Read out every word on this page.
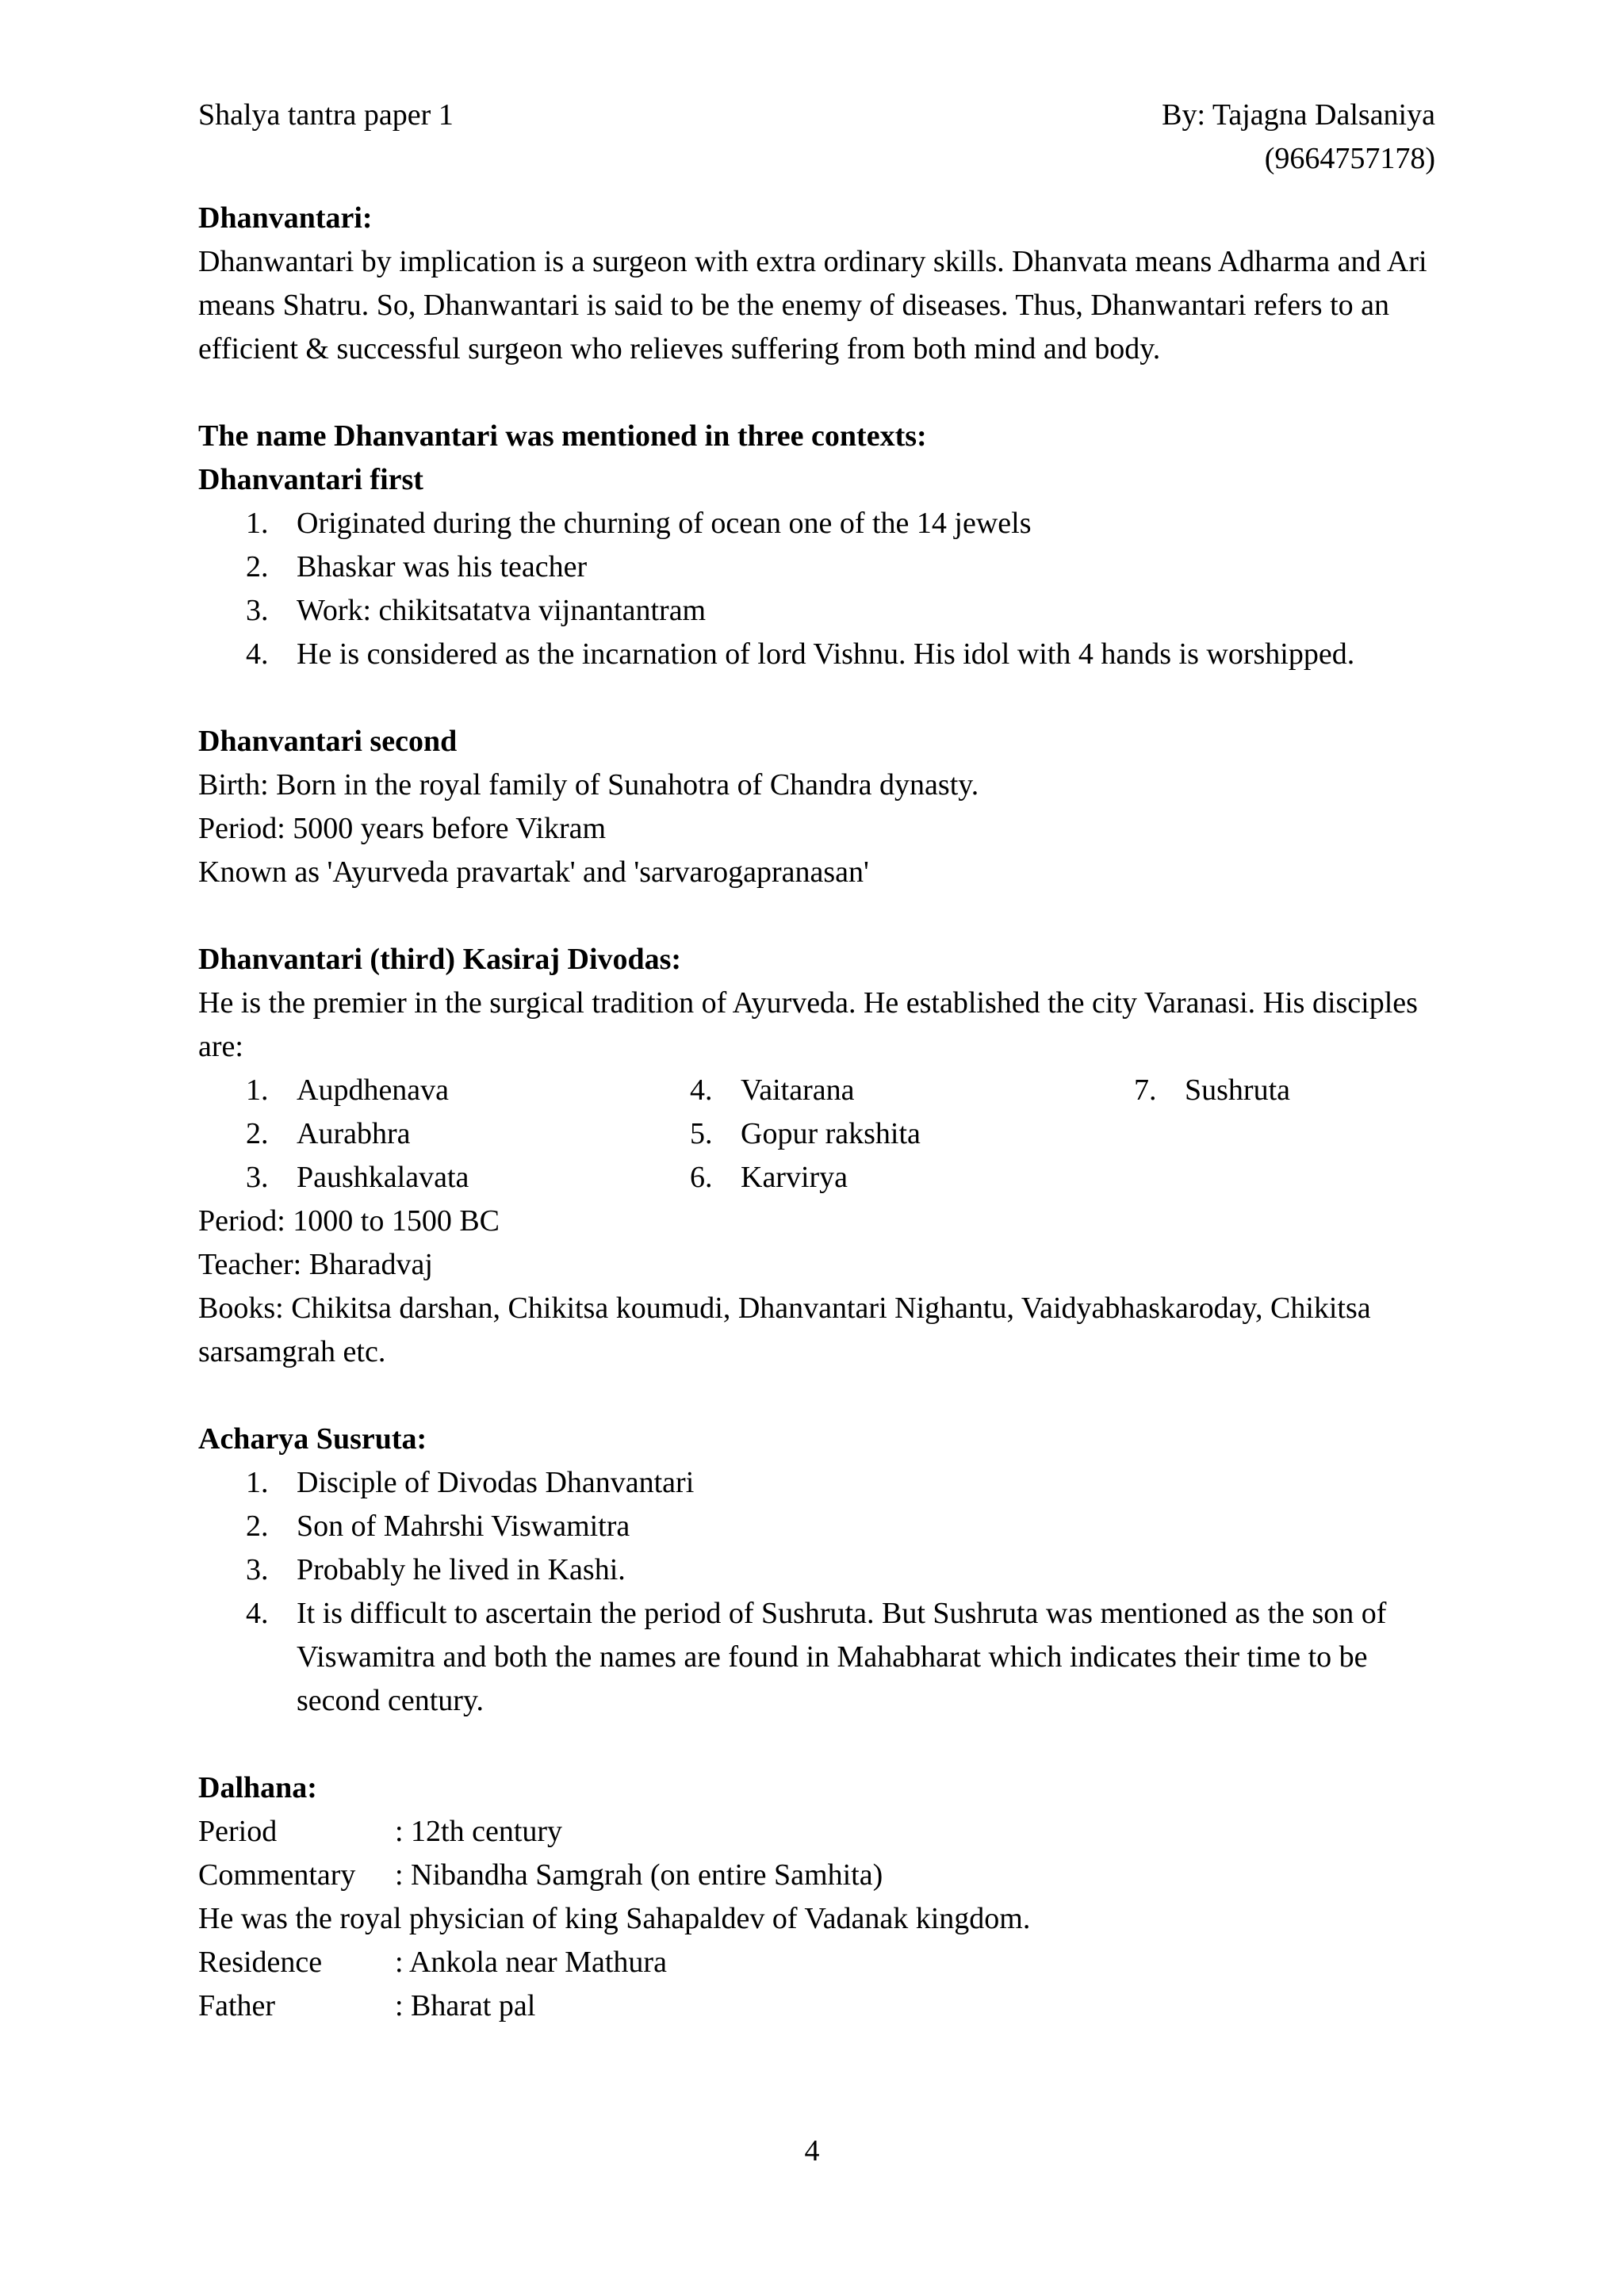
Shalya tantra paper 1	By: Tajagna Dalsaniya
(9664757178)

Dhanvantari:

Dhanwantari by implication is a surgeon with extra ordinary skills. Dhanvata means Adharma and Ari means Shatru. So, Dhanwantari is said to be the enemy of diseases. Thus, Dhanwantari refers to an efficient & successful surgeon who relieves suffering from both mind and body.

The name Dhanvantari was mentioned in three contexts:

Dhanvantari first

1. Originated during the churning of ocean one of the 14 jewels
2. Bhaskar was his teacher
3. Work: chikitsatatva vijnantantram
4. He is considered as the incarnation of lord Vishnu. His idol with 4 hands is worshipped.

Dhanvantari second

Birth: Born in the royal family of Sunahotra of Chandra dynasty.

Period: 5000 years before Vikram

Known as 'Ayurveda pravartak' and 'sarvarogapranasan'

Dhanvantari (third) Kasiraj Divodas:

He is the premier in the surgical tradition of Ayurveda. He established the city Varanasi. His disciples are:

1. Aupdhenava	4. Vaitarana	7. Sushruta
2. Aurabhra	5. Gopur rakshita
3. Paushkalavata	6. Karvirya

Period: 1000 to 1500 BC

Teacher: Bharadvaj

Books: Chikitsa darshan, Chikitsa koumudi, Dhanvantari Nighantu, Vaidyabhaskaroday, Chikitsa sarsamgrah etc.

Acharya Susruta:

1. Disciple of Divodas Dhanvantari
2. Son of Mahrshi Viswamitra
3. Probably he lived in Kashi.
4. It is difficult to ascertain the period of Sushruta. But Sushruta was mentioned as the son of Viswamitra and both the names are found in Mahabharat which indicates their time to be second century.

Dalhana:

Period	: 12th century
Commentary	: Nibandha Samgrah (on entire Samhita)

He was the royal physician of king Sahapaldev of Vadanak kingdom.

Residence	: Ankola near Mathura
Father	: Bharat pal
4
